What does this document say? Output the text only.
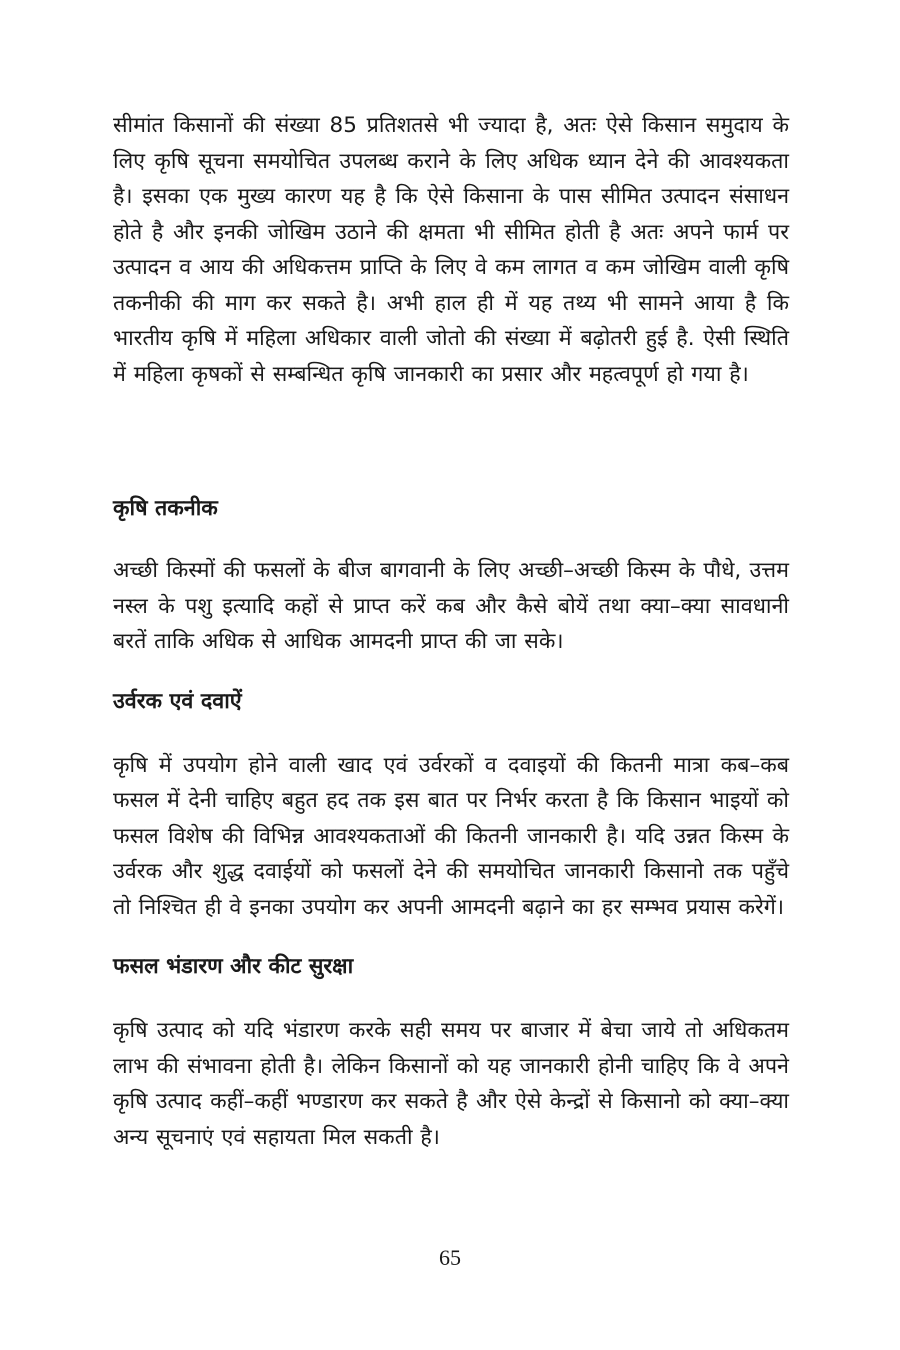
सीमांत किसानों की संख्या 85 प्रतिशतसे भी ज्यादा है, अतः ऐसे किसान समुदाय के लिए कृषि सूचना समयोचित उपलब्ध कराने के लिए अधिक ध्यान देने की आवश्यकता है। इसका एक मुख्य कारण यह है कि ऐसे किसाना के पास सीमित उत्पादन संसाधन होते है और इनकी जोखिम उठाने की क्षमता भी सीमित होती है अतः अपने फार्म पर उत्पादन व आय की अधिकत्तम प्राप्ति के लिए वे कम लागत व कम जोखिम वाली कृषि तकनीकी की माग कर सकते है। अभी हाल ही में यह तथ्य भी सामने आया है कि भारतीय कृषि में महिला अधिकार वाली जोतो की संख्या में बढ़ोतरी हुई है. ऐसी स्थिति में महिला कृषकों से सम्बन्धित कृषि जानकारी का प्रसार और महत्वपूर्ण हो गया है।

कृषि तकनीक

अच्छी किस्मों की फसलों के बीज बागवानी के लिए अच्छी–अच्छी किस्म के पौधे, उत्तम नस्ल के पशु इत्यादि कहों से प्राप्त करें कब और कैसे बोयें तथा क्या–क्या सावधानी बरतें ताकि अधिक से आधिक आमदनी प्राप्त की जा सके।

उर्वरक एवं दवाऐं

कृषि में उपयोग होने वाली खाद एवं उर्वरकों व दवाइयों की कितनी मात्रा कब–कब फसल में देनी चाहिए बहुत हद तक इस बात पर निर्भर करता है कि किसान भाइयों को फसल विशेष की विभिन्न आवश्यकताओं की कितनी जानकारी है। यदि उन्नत किस्म के उर्वरक और शुद्ध दवाईयों को फसलों देने की समयोचित जानकारी किसानो तक पहुँचे तो निश्चित ही वे इनका उपयोग कर अपनी आमदनी बढ़ाने का हर सम्भव प्रयास करेगें।

फसल भंडारण और कीट सुरक्षा

कृषि उत्पाद को यदि भंडारण करके सही समय पर बाजार में बेचा जाये तो अधिकतम लाभ की संभावना होती है। लेकिन किसानों को यह जानकारी होनी चाहिए कि वे अपने कृषि उत्पाद कहीं–कहीं भण्डारण कर सकते है और ऐसे केन्द्रों से किसानो को क्या–क्या अन्य सूचनाएं एवं सहायता मिल सकती है।

65
